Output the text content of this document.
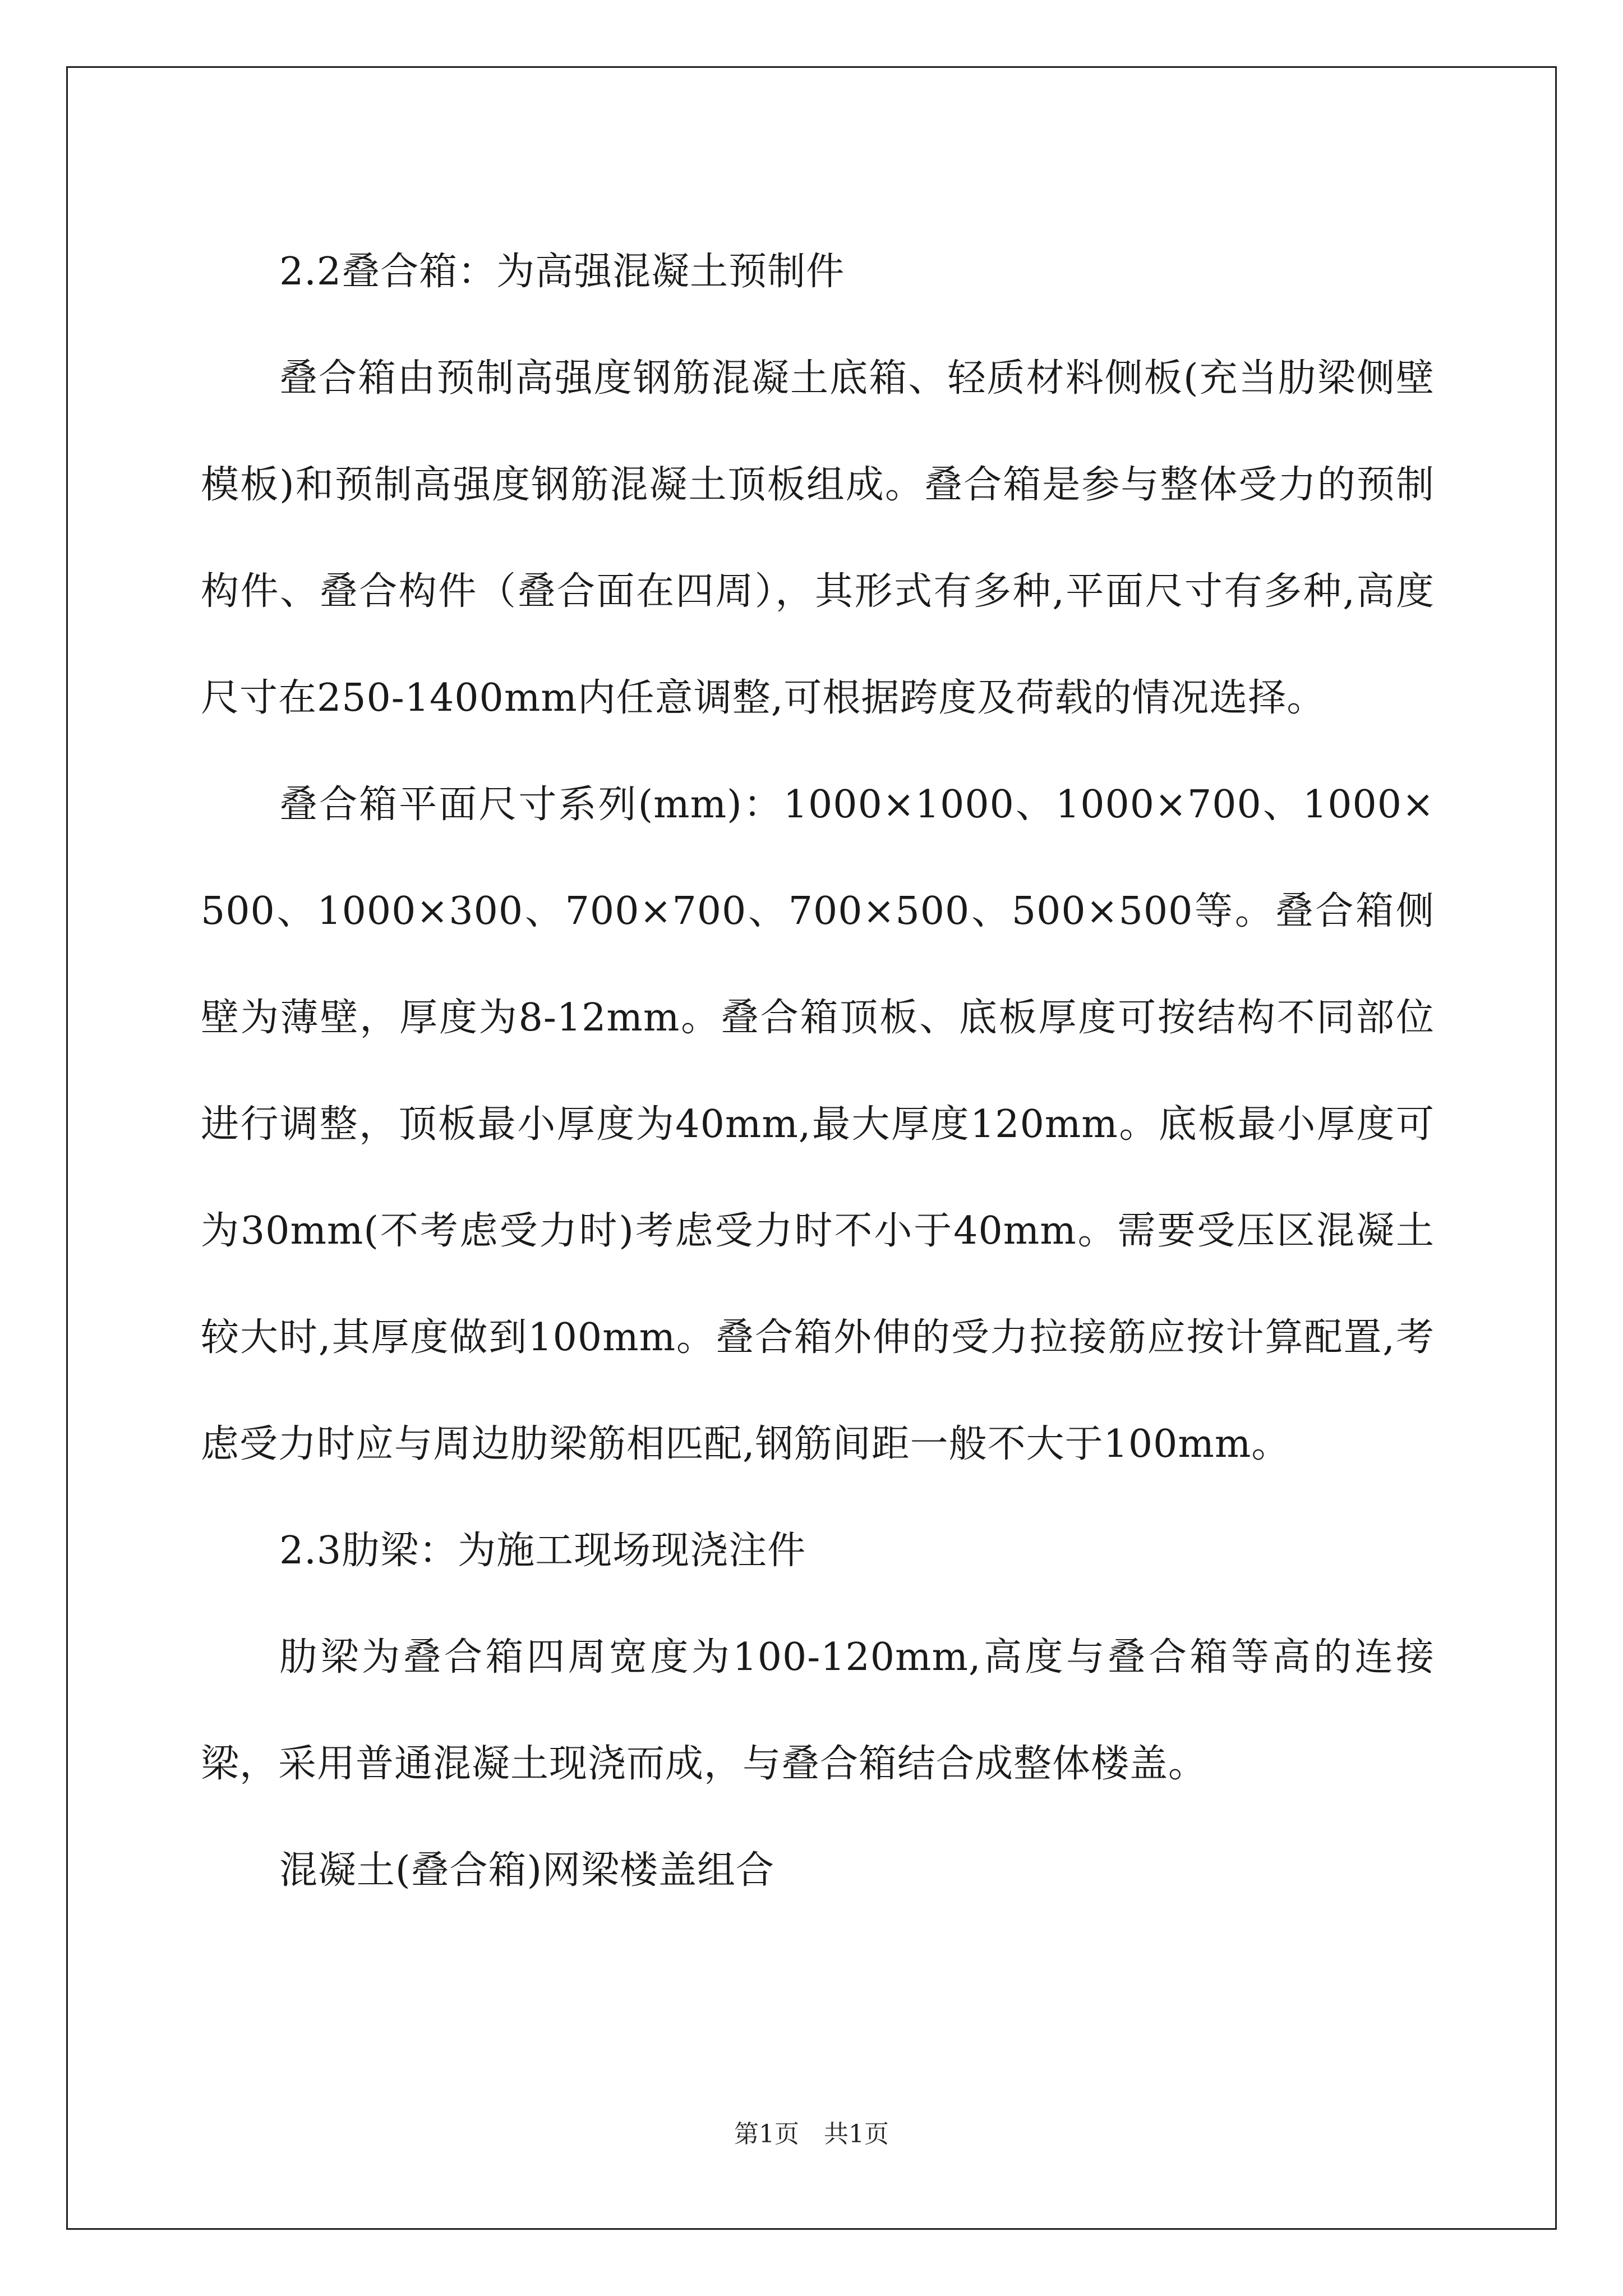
2.2叠合箱：为高强混凝土预制件

叠合箱由预制高强度钢筋混凝土底箱、轻质材料侧板(充当肋梁侧壁模板)和预制高强度钢筋混凝土顶板组成。叠合箱是参与整体受力的预制构件、叠合构件（叠合面在四周），其形式有多种,平面尺寸有多种,高度尺寸在250-1400mm内任意调整,可根据跨度及荷载的情况选择。

叠合箱平面尺寸系列(mm)：1000×1000、1000×700、1000×500、1000×300、700×700、700×500、500×500等。叠合箱侧壁为薄壁，厚度为8-12mm。叠合箱顶板、底板厚度可按结构不同部位进行调整，顶板最小厚度为40mm,最大厚度120mm。底板最小厚度可为30mm(不考虑受力时)考虑受力时不小于40mm。需要受压区混凝土较大时,其厚度做到100mm。叠合箱外伸的受力拉接筋应按计算配置,考虑受力时应与周边肋梁筋相匹配,钢筋间距一般不大于100mm。

2.3肋梁：为施工现场现浇注件

肋梁为叠合箱四周宽度为100-120mm,高度与叠合箱等高的连接梁，采用普通混凝土现浇而成，与叠合箱结合成整体楼盖。

混凝土(叠合箱)网梁楼盖组合

第1页　共1页
